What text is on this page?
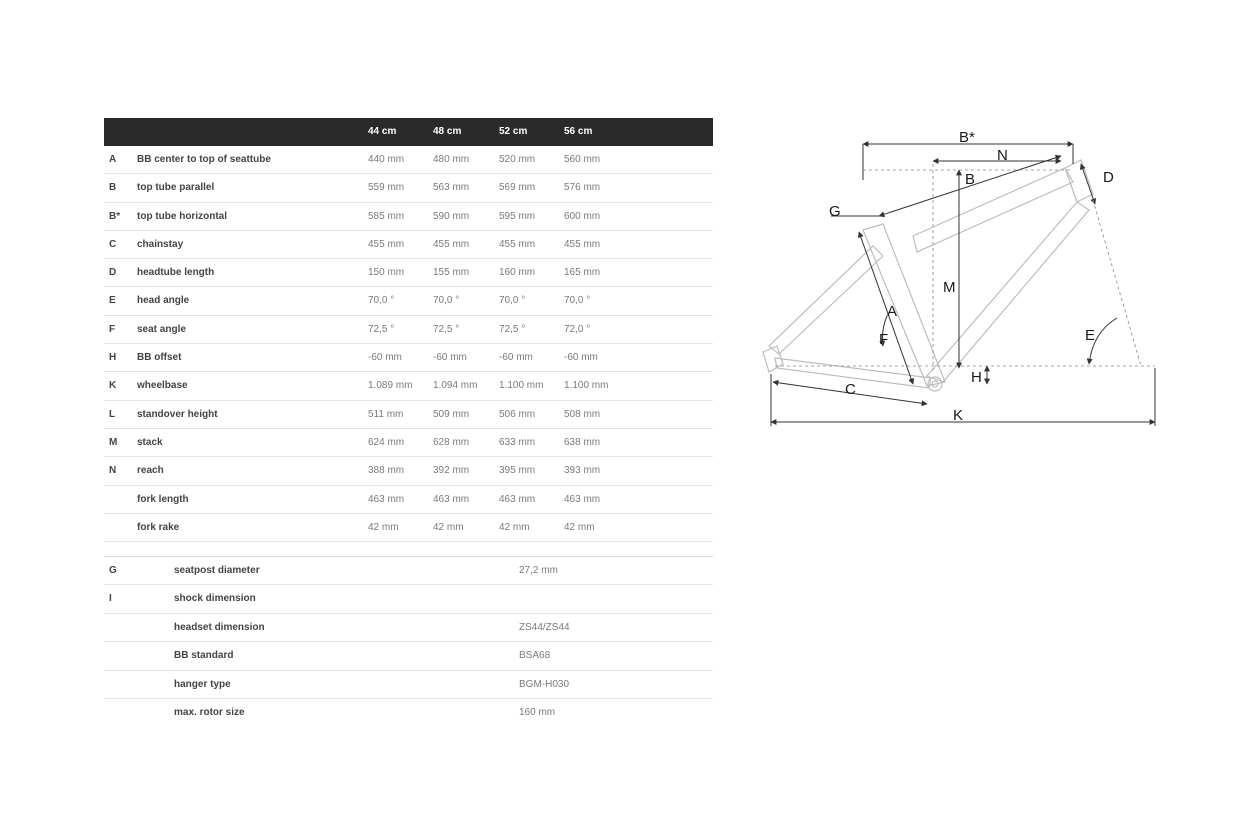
44 cm	48 cm	52 cm	56 cm
A BB center to top of seattube	440 mm	480 mm	520 mm	560 mm
B top tube parallel	559 mm	563 mm	569 mm	576 mm
B* top tube horizontal	585 mm	590 mm	595 mm	600 mm
C chainstay	455 mm	455 mm	455 mm	455 mm
D headtube length	150 mm	155 mm	160 mm	165 mm
E head angle	70,0 °	70,0 °	70,0 °	70,0 °
F seat angle	72,5 °	72,5 °	72,5 °	72,0 °
H BB offset	-60 mm	-60 mm	-60 mm	-60 mm
K wheelbase	1.089 mm 1.094 mm 1.100 mm 1.100 mm
L standover height	511 mm	509 mm	506 mm	508 mm
M stack	624 mm	628 mm	633 mm	638 mm
N reach	388 mm	392 mm	395 mm	393 mm
fork length	463 mm	463 mm	463 mm	463 mm
fork rake	42 mm	42 mm	42 mm	42 mm
G	seatpost diameter	27,2 mm
I	shock dimension
headset dimension	ZS44/ZS44
BB standard	BSA68
hanger type	BGM-H030
max. rotor size	160 mm
B*
N
B	D
G
M
A
F	E
H
C
K
